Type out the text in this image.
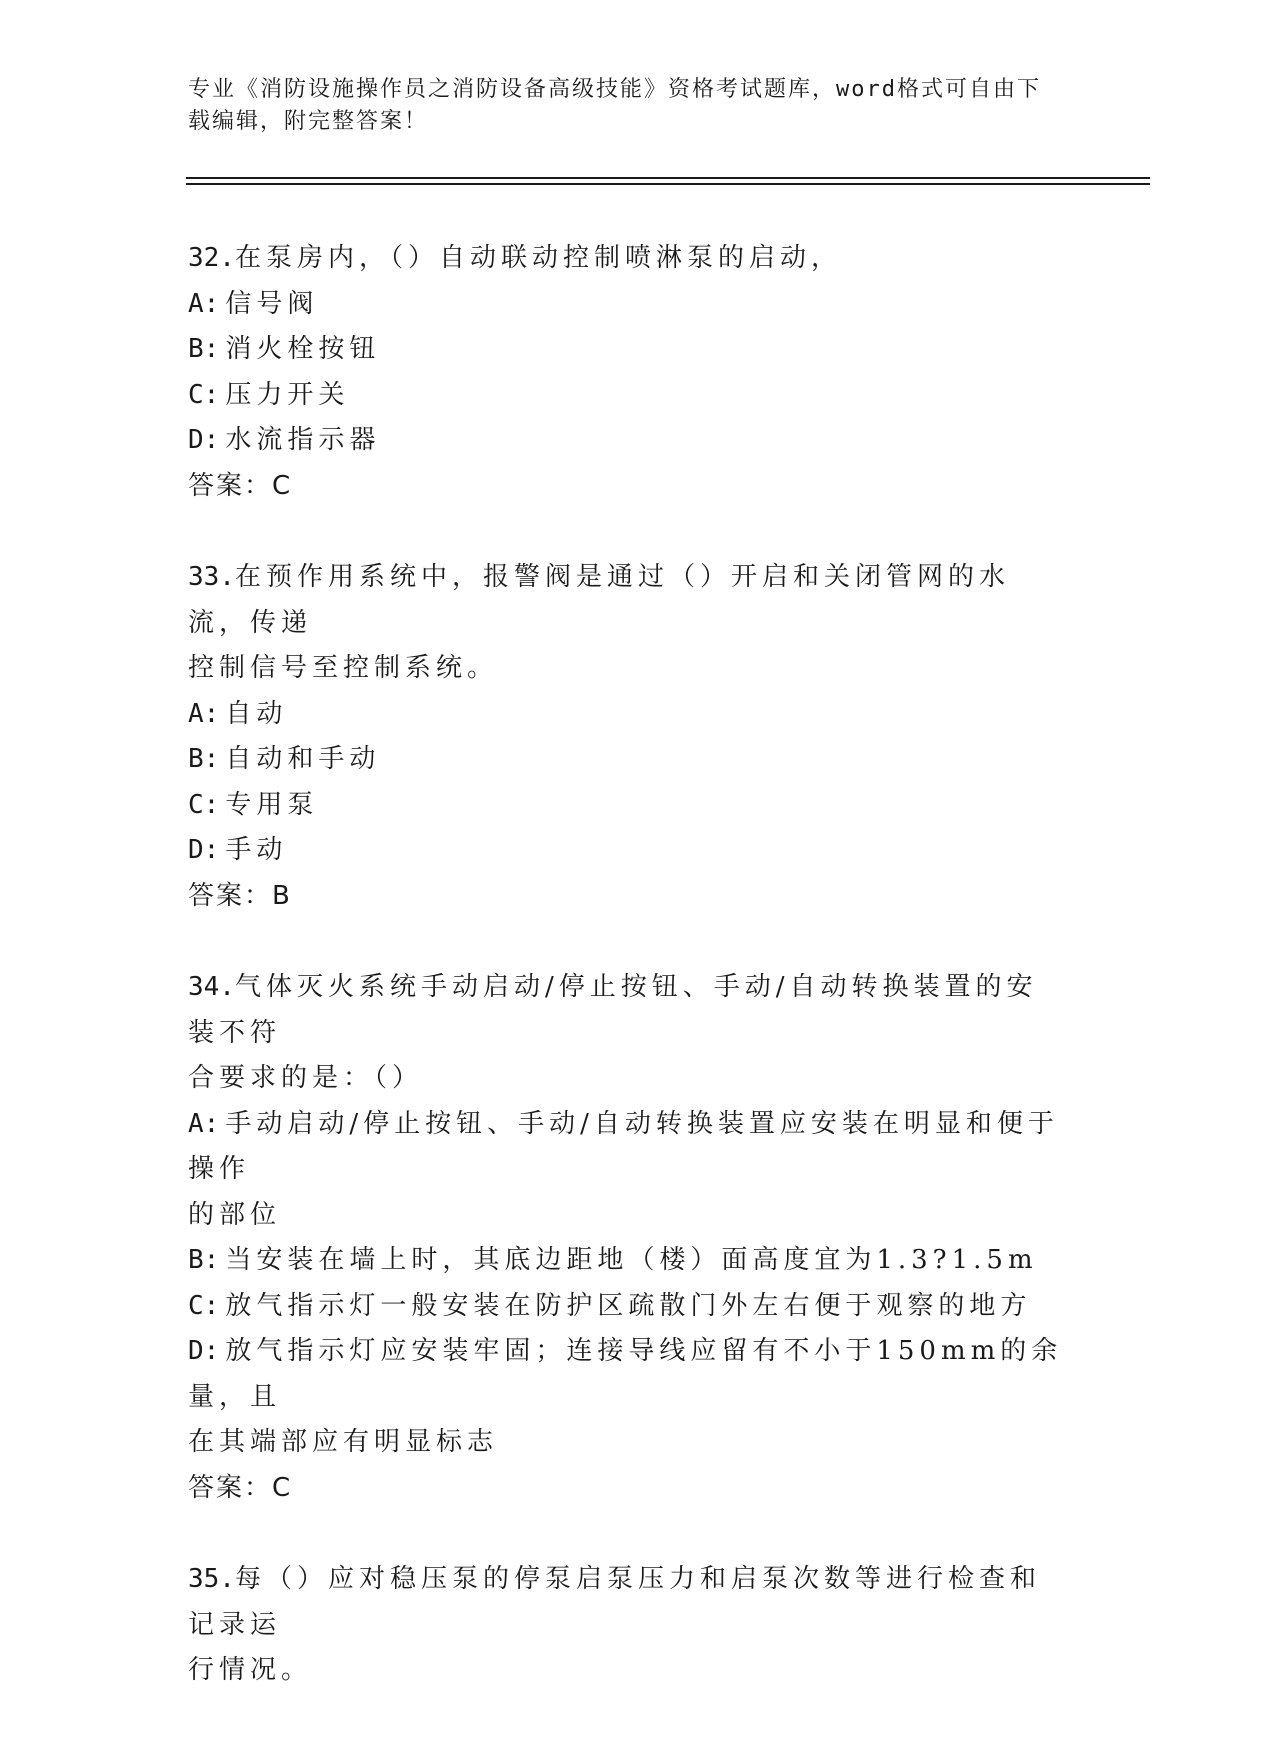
专业《消防设施操作员之消防设备高级技能》资格考试题库，word格式可自由下
载编辑，附完整答案！

32.在泵房内，（）自动联动控制喷淋泵的启动，

A: 信号阀

B: 消火栓按钮

C: 压力开关

D: 水流指示器

答案：C

33.在预作用系统中，报警阀是通过（）开启和关闭管网的水流，传递

控制信号至控制系统。

A: 自动

B: 自动和手动

C: 专用泵

D: 手动

答案：B

34.气体灭火系统手动启动/停止按钮、手动/自动转换装置的安装不符

合要求的是：（）

A: 手动启动/停止按钮、手动/自动转换装置应安装在明显和便于操作

的部位

B: 当安装在墙上时，其底边距地（楼）面高度宜为1.3?1.5m

C: 放气指示灯一般安装在防护区疏散门外左右便于观察的地方

D: 放气指示灯应安装牢固；连接导线应留有不小于150mm的余量，且

在其端部应有明显标志

答案：C

35.每（）应对稳压泵的停泵启泵压力和启泵次数等进行检查和记录运

行情况。
